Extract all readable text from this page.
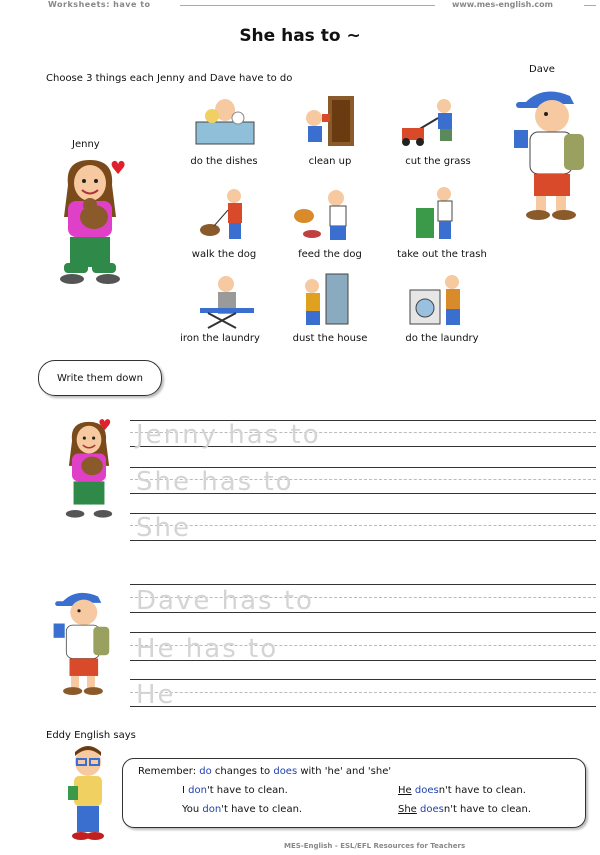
Worksheets: have to	www.mes-english.com
She has to ~
Choose 3 things each Jenny and Dave have to do
Jenny
♥
Dave
do the dishes	clean up	cut the grass
walk the dog	feed the dog	take out the trash
iron the laundry	dust the house	do the laundry
Write them down
♥ Jenny has to
She has to
She
Dave has to
He has to
He
Eddy English says
Remember: do changes to does with 'he' and 'she'
I don't have to clean.
You don't have to clean.
He doesn't have to clean.
She doesn't have to clean.
MES-English - ESL/EFL Resources for Teachers
